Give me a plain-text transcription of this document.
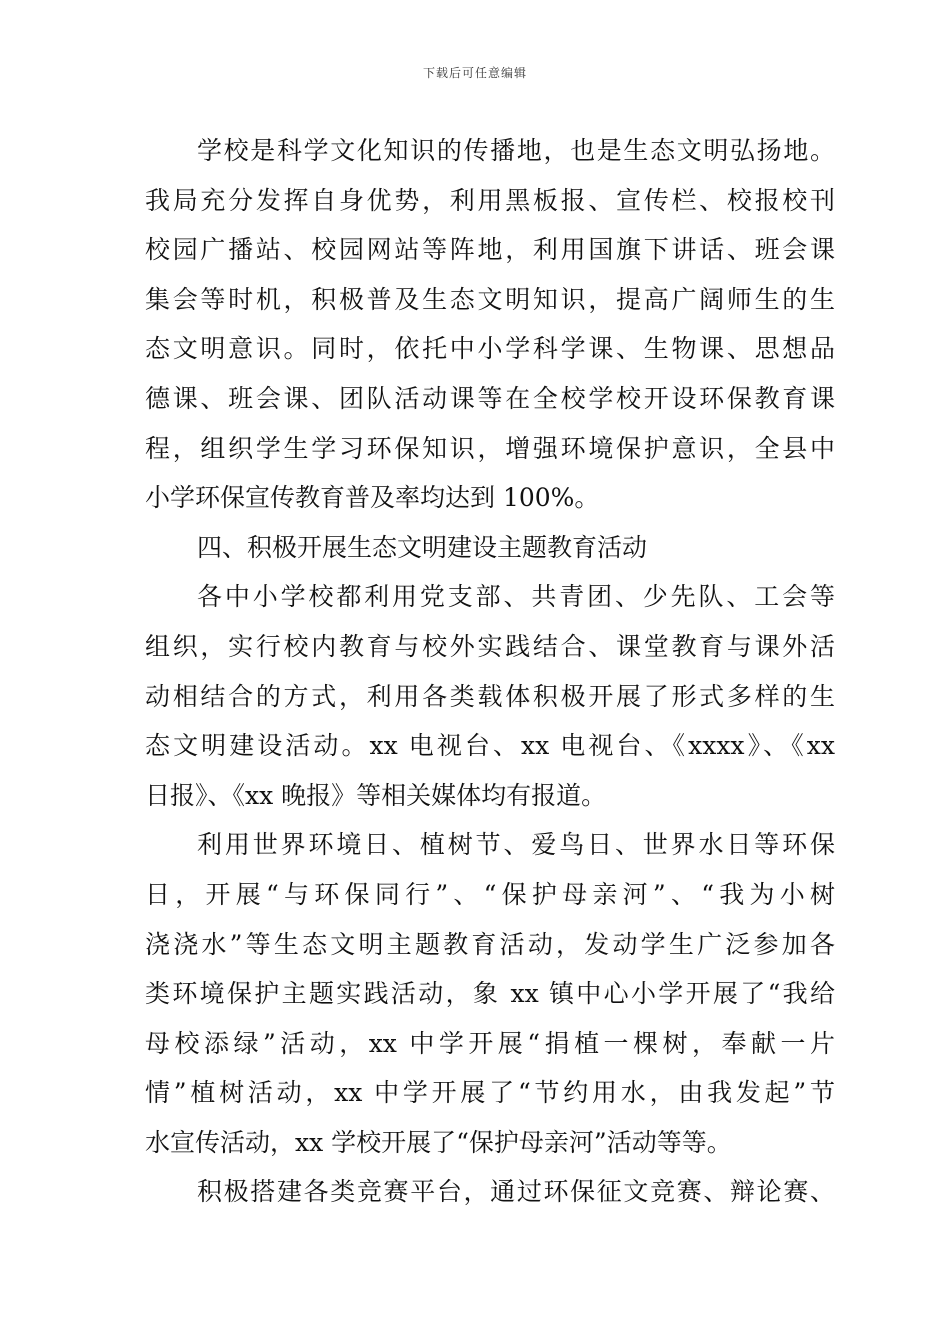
下载后可任意编辑
学校是科学文化知识的传播地，也是生态文明弘扬地。
我局充分发挥自身优势，利用黑板报、宣传栏、校报校刊
校园广播站、校园网站等阵地，利用国旗下讲话、班会课
集会等时机，积极普及生态文明知识，提高广阔师生的生
态文明意识。同时，依托中小学科学课、生物课、思想品
德课、班会课、团队活动课等在全校学校开设环保教育课
程，组织学生学习环保知识，增强环境保护意识，全县中
小学环保宣传教育普及率均达到 100%。
四、积极开展生态文明建设主题教育活动
各中小学校都利用党支部、共青团、少先队、工会等
组织，实行校内教育与校外实践结合、课堂教育与课外活
动相结合的方式，利用各类载体积极开展了形式多样的生
态文明建设活动。xx 电视台、xx 电视台、《xxxx》、《xx
日报》、《xx 晚报》等相关媒体均有报道。
利用世界环境日、植树节、爱鸟日、世界水日等环保
日，开展“与环保同行”、“保护母亲河”、“我为小树
浇浇水”等生态文明主题教育活动，发动学生广泛参加各
类环境保护主题实践活动，象 xx 镇中心小学开展了“我给
母校添绿”活动，xx 中学开展“捐植一棵树，奉献一片
情”植树活动，xx 中学开展了“节约用水，由我发起”节
水宣传活动，xx 学校开展了“保护母亲河”活动等等。
积极搭建各类竞赛平台，通过环保征文竞赛、辩论赛、
